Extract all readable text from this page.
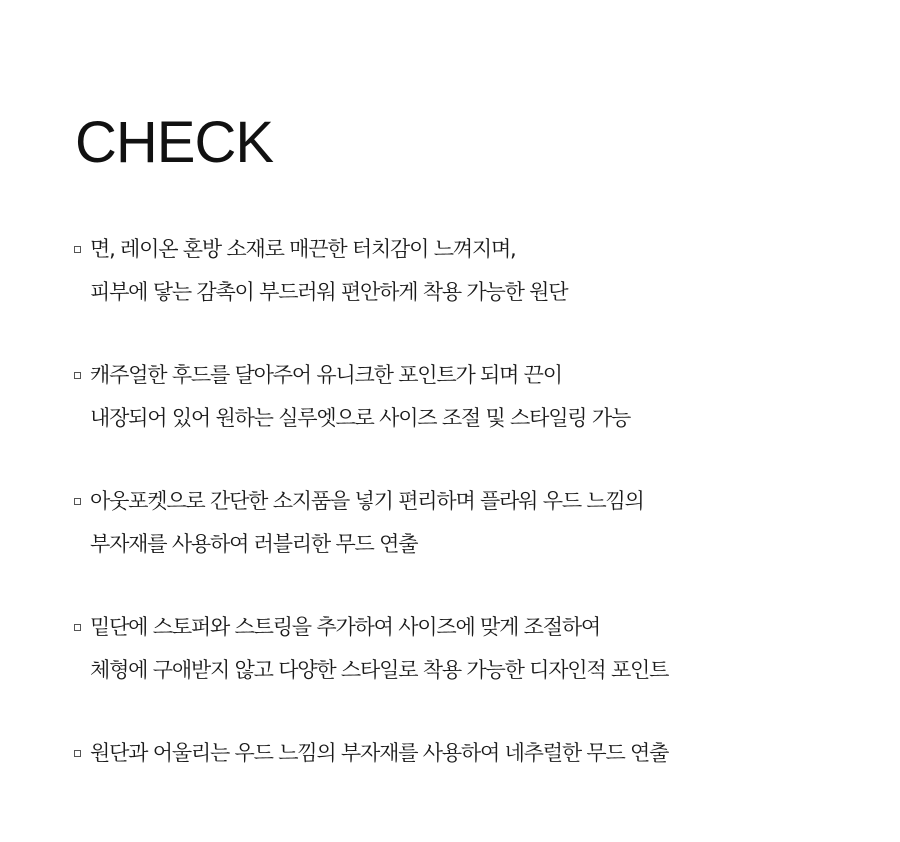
CHECK
면, 레이온 혼방 소재로 매끈한 터치감이 느껴지며,
피부에 닿는 감촉이 부드러워 편안하게 착용 가능한 원단
캐주얼한 후드를 달아주어 유니크한 포인트가 되며 끈이
내장되어 있어 원하는 실루엣으로 사이즈 조절 및 스타일링 가능
아웃포켓으로 간단한 소지품을 넣기 편리하며 플라워 우드 느낌의
부자재를 사용하여 러블리한 무드 연출
밑단에 스토퍼와 스트링을 추가하여 사이즈에 맞게 조절하여
체형에 구애받지 않고 다양한 스타일로 착용 가능한 디자인적 포인트
원단과 어울리는 우드 느낌의 부자재를 사용하여 네추럴한 무드 연출
